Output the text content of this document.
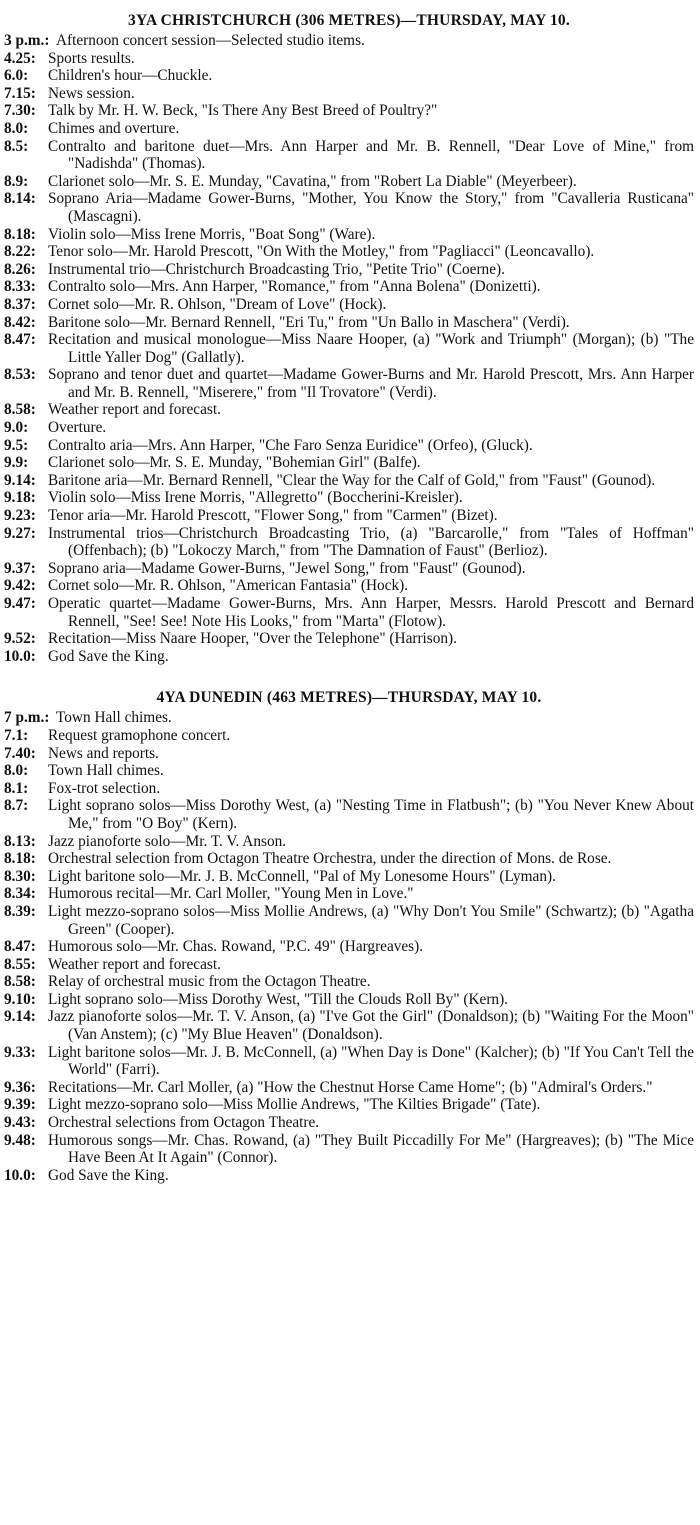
3YA CHRISTCHURCH (306 METRES)—THURSDAY, MAY 10.
3 p.m.: Afternoon concert session—Selected studio items.
4.25: Sports results.
6.0:	Children's hour—Chuckle.
7.15: News session.
7.30: Talk by Mr. H. W. Beck, "Is There Any Best Breed of Poultry?"
8.0:	Chimes and overture.
8.5:	Contralto and baritone duet—Mrs. Ann Harper and Mr. B. Rennell, "Dear Love of Mine," from "Nadishda" (Thomas).
8.9:	Clarionet solo—Mr. S. E. Munday, "Cavatina," from "Robert La Diable" (Meyerbeer).
8.14: Soprano Aria—Madame Gower-Burns, "Mother, You Know the Story," from "Cavalleria Rusticana" (Mascagni).
8.18: Violin solo—Miss Irene Morris, "Boat Song" (Ware).
8.22: Tenor solo—Mr. Harold Prescott, "On With the Motley," from "Pagliacci" (Leoncavallo).
8.26: Instrumental trio—Christchurch Broadcasting Trio, "Petite Trio" (Coerne).
8.33: Contralto solo—Mrs. Ann Harper, "Romance," from "Anna Bolena" (Donizetti).
8.37: Cornet solo—Mr. R. Ohlson, "Dream of Love" (Hock).
8.42: Baritone solo—Mr. Bernard Rennell, "Eri Tu," from "Un Ballo in Maschera" (Verdi).
8.47: Recitation and musical monologue—Miss Naare Hooper, (a) "Work and Triumph" (Morgan); (b) "The Little Yaller Dog" (Gallatly).
8.53: Soprano and tenor duet and quartet—Madame Gower-Burns and Mr. Harold Prescott, Mrs. Ann Harper and Mr. B. Rennell, "Miserere," from "Il Trovatore" (Verdi).
8.58: Weather report and forecast.
9.0:	Overture.
9.5:	Contralto aria—Mrs. Ann Harper, "Che Faro Senza Euridice" (Orfeo), (Gluck).
9.9:	Clarionet solo—Mr. S. E. Munday, "Bohemian Girl" (Balfe).
9.14: Baritone aria—Mr. Bernard Rennell, "Clear the Way for the Calf of Gold," from "Faust" (Gounod).
9.18: Violin solo—Miss Irene Morris, "Allegretto" (Boccherini-Kreisler).
9.23: Tenor aria—Mr. Harold Prescott, "Flower Song," from "Carmen" (Bizet).
9.27: Instrumental trios—Christchurch Broadcasting Trio, (a) "Barcarolle," from "Tales of Hoffman" (Offenbach); (b) "Lokoczy March," from "The Damnation of Faust" (Berlioz).
9.37: Soprano aria—Madame Gower-Burns, "Jewel Song," from "Faust" (Gounod).
9.42: Cornet solo—Mr. R. Ohlson, "American Fantasia" (Hock).
9.47: Operatic quartet—Madame Gower-Burns, Mrs. Ann Harper, Messrs. Harold Prescott and Bernard Rennell, "See! See! Note His Looks," from "Marta" (Flotow).
9.52: Recitation—Miss Naare Hooper, "Over the Telephone" (Harrison).
10.0: God Save the King.
4YA DUNEDIN (463 METRES)—THURSDAY, MAY 10.
7 p.m.: Town Hall chimes.
7.1:	Request gramophone concert.
7.40: News and reports.
8.0:	Town Hall chimes.
8.1:	Fox-trot selection.
8.7:	Light soprano solos—Miss Dorothy West, (a) "Nesting Time in Flatbush"; (b) "You Never Knew About Me," from "O Boy" (Kern).
8.13: Jazz pianoforte solo—Mr. T. V. Anson.
8.18: Orchestral selection from Octagon Theatre Orchestra, under the direction of Mons. de Rose.
8.30: Light baritone solo—Mr. J. B. McConnell, "Pal of My Lonesome Hours" (Lyman).
8.34: Humorous recital—Mr. Carl Moller, "Young Men in Love."
8.39: Light mezzo-soprano solos—Miss Mollie Andrews, (a) "Why Don't You Smile" (Schwartz); (b) "Agatha Green" (Cooper).
8.47: Humorous solo—Mr. Chas. Rowand, "P.C. 49" (Hargreaves).
8.55: Weather report and forecast.
8.58: Relay of orchestral music from the Octagon Theatre.
9.10: Light soprano solo—Miss Dorothy West, "Till the Clouds Roll By" (Kern).
9.14: Jazz pianoforte solos—Mr. T. V. Anson, (a) "I've Got the Girl" (Donaldson); (b) "Waiting For the Moon" (Van Anstem); (c) "My Blue Heaven" (Donaldson).
9.33: Light baritone solos—Mr. J. B. McConnell, (a) "When Day is Done" (Kalcher); (b) "If You Can't Tell the World" (Farri).
9.36: Recitations—Mr. Carl Moller, (a) "How the Chestnut Horse Came Home"; (b) "Admiral's Orders."
9.39: Light mezzo-soprano solo—Miss Mollie Andrews, "The Kilties Brigade" (Tate).
9.43: Orchestral selections from Octagon Theatre.
9.48: Humorous songs—Mr. Chas. Rowand, (a) "They Built Piccadilly For Me" (Hargreaves); (b) "The Mice Have Been At It Again" (Connor).
10.0: God Save the King.
